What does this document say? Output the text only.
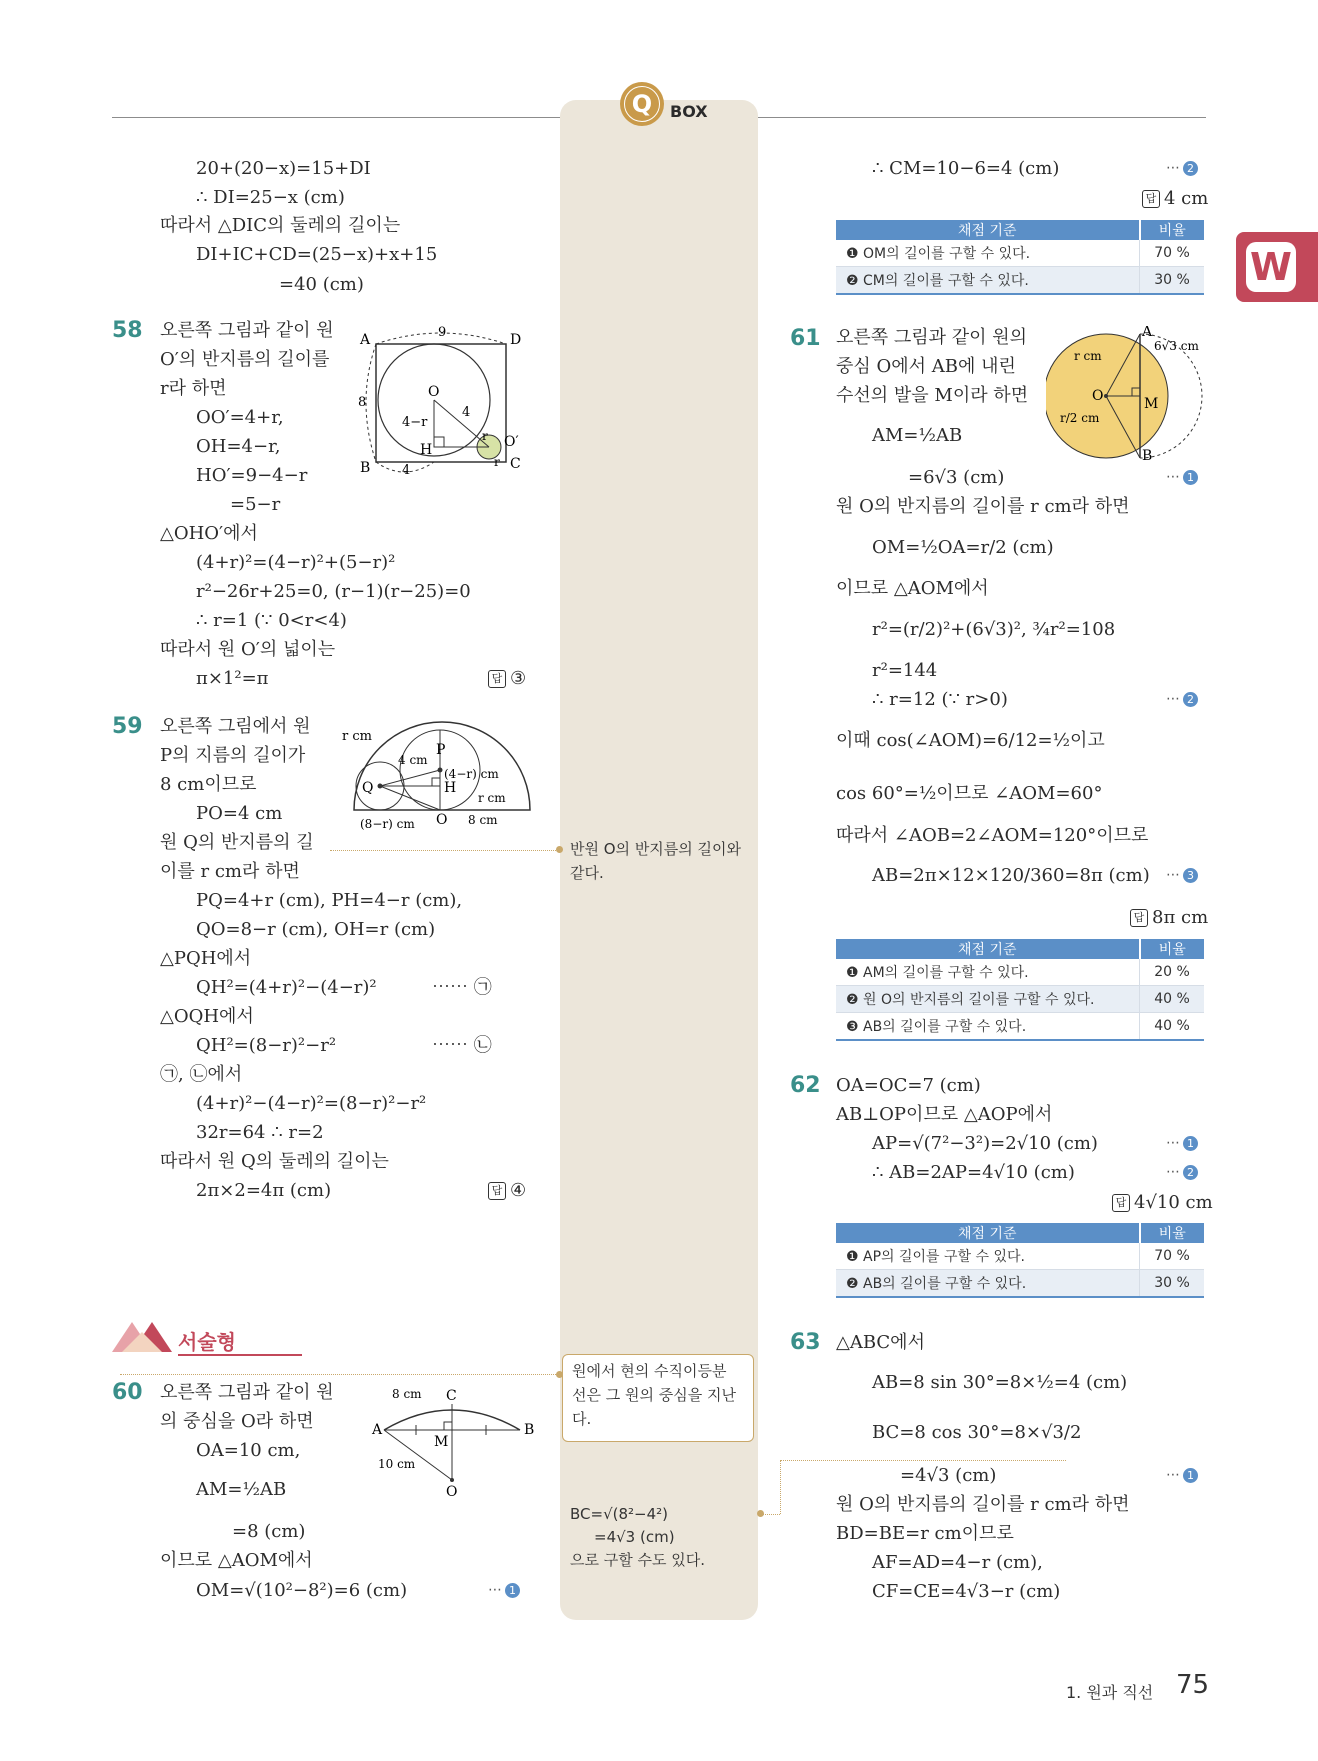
Q	BOX
W
20+(20−x)=15+DI
∴ DI=25−x (cm)
따라서 △DIC의 둘레의 길이는
DI+IC+CD=(25−x)+x+15
=40 (cm)
58 오른쪽 그림과 같이 원
O′의 반지름의 길이를
r라 하면
OO′=4+r,
OH=4−r,
HO′=9−4−r
=5−r
△OHO′에서
(4+r)²=(4−r)²+(5−r)²
r²−26r+25=0, (r−1)(r−25)=0
∴ r=1 (∵ 0<r<4)
따라서 원 O′의 넓이는
π×1²=π	답 ③
A	D
B	C
O
O′
H
9
8
4
4
4−r
r
r
59 오른쪽 그림에서 원
P의 지름의 길이가
8 cm이므로
PO=4 cm
원 Q의 반지름의 길
이를 r cm라 하면
PQ=4+r (cm), PH=4−r (cm),
QO=8−r (cm), OH=r (cm)
△PQH에서
QH²=(4+r)²−(4−r)²	⋯⋯ ㉠
△OQH에서
QH²=(8−r)²−r²	⋯⋯ ㉡
㉠, ㉡에서
(4+r)²−(4−r)²=(8−r)²−r²
32r=64 ∴ r=2
따라서 원 Q의 둘레의 길이는
2π×2=4π (cm)	답 ④
r cm
P
Q	H
O
4 cm
(4−r) cm
r cm
(8−r) cm	8 cm
서술형
60 오른쪽 그림과 같이 원
의 중심을 O라 하면
OA=10 cm,
AM=½AB
=8 (cm)
이므로 △AOM에서
OM=√(10²−8²)=6 (cm)	⋯ 1
A	B
C
M
O
8 cm
10 cm
반원 O의 반지름의 길이와
같다.
원에서 현의 수직이등분
선은 그 원의 중심을 지난
다.
BC=√(8²−4²)
=4√3 (cm)
으로 구할 수도 있다.
∴ CM=10−6=4 (cm)	⋯ 2
답 4 cm
채점 기준	비율
❶ OM의 길이를 구할 수 있다.	70 %
❷ CM의 길이를 구할 수 있다.	30 %
61 오른쪽 그림과 같이 원의
중심 O에서 AB에 내린
수선의 발을 M이라 하면
AM=½AB
=6√3 (cm)	⋯ 1
원 O의 반지름의 길이를 r cm라 하면
OM=½OA=r/2 (cm)
이므로 △AOM에서
r²=(r/2)²+(6√3)², ¾r²=108
r²=144
∴ r=12 (∵ r>0)	⋯ 2
이때 cos(∠AOM)=6/12=½이고
cos 60°=½이므로 ∠AOM=60°
따라서 ∠AOB=2∠AOM=120°이므로
AB=2π×12×120/360=8π (cm) ⋯ 3
답 8π cm
채점 기준	비율
❶ AM의 길이를 구할 수 있다.	20 %
❷ 원 O의 반지름의 길이를 구할 수 있다.	40 %
❸ AB의 길이를 구할 수 있다.	40 %
A
B
O	M
6√3 cm
r cm
r/2 cm
62 OA=OC=7 (cm)
AB⊥OP이므로 △AOP에서
AP=√(7²−3²)=2√10 (cm)	⋯ 1
∴ AB=2AP=4√10 (cm)	⋯ 2
답 4√10 cm
채점 기준	비율
❶ AP의 길이를 구할 수 있다.	70 %
❷ AB의 길이를 구할 수 있다.	30 %
63 △ABC에서
AB=8 sin 30°=8×½=4 (cm)
BC=8 cos 30°=8×√3/2
=4√3 (cm)	⋯ 1
원 O의 반지름의 길이를 r cm라 하면
BD=BE=r cm이므로
AF=AD=4−r (cm),
CF=CE=4√3−r (cm)
1. 원과 직선 75
